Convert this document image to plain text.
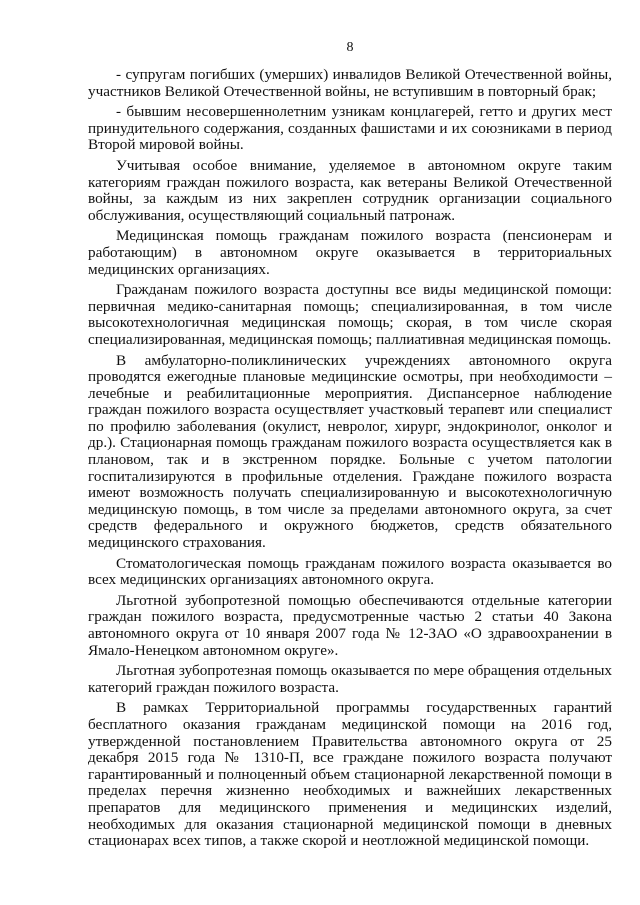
8

- супругам погибших (умерших) инвалидов Великой Отечественной войны, участников Великой Отечественной войны, не вступившим в повторный брак;

- бывшим несовершеннолетним узникам концлагерей, гетто и других мест принудительного содержания, созданных фашистами и их союзниками в период Второй мировой войны.

Учитывая особое внимание, уделяемое в автономном округе таким категориям граждан пожилого возраста, как ветераны Великой Отечественной войны, за каждым из них закреплен сотрудник организации социального обслуживания, осуществляющий социальный патронаж.

Медицинская помощь гражданам пожилого возраста (пенсионерам и работающим) в автономном округе оказывается в территориальных медицинских организациях.

Гражданам пожилого возраста доступны все виды медицинской помощи: первичная медико-санитарная помощь; специализированная, в том числе высокотехнологичная медицинская помощь; скорая, в том числе скорая специализированная, медицинская помощь; паллиативная медицинская помощь.

В амбулаторно-поликлинических учреждениях автономного округа проводятся ежегодные плановые медицинские осмотры, при необходимости – лечебные и реабилитационные мероприятия. Диспансерное наблюдение граждан пожилого возраста осуществляет участковый терапевт или специалист по профилю заболевания (окулист, невролог, хирург, эндокринолог, онколог и др.). Стационарная помощь гражданам пожилого возраста осуществляется как в плановом, так и в экстренном порядке. Больные с учетом патологии госпитализируются в профильные отделения. Граждане пожилого возраста имеют возможность получать специализированную и высокотехнологичную медицинскую помощь, в том числе за пределами автономного округа, за счет средств федерального и окружного бюджетов, средств обязательного медицинского страхования.

Стоматологическая помощь гражданам пожилого возраста оказывается во всех медицинских организациях автономного округа.

Льготной зубопротезной помощью обеспечиваются отдельные категории граждан пожилого возраста, предусмотренные частью 2 статьи 40 Закона автономного округа от 10 января 2007 года № 12-ЗАО «О здравоохранении в Ямало-Ненецком автономном округе».

Льготная зубопротезная помощь оказывается по мере обращения отдельных категорий граждан пожилого возраста.

В рамках Территориальной программы государственных гарантий бесплатного оказания гражданам медицинской помощи на 2016 год, утвержденной постановлением Правительства автономного округа от 25 декабря 2015 года № 1310-П, все граждане пожилого возраста получают гарантированный и полноценный объем стационарной лекарственной помощи в пределах перечня жизненно необходимых и важнейших лекарственных препаратов для медицинского применения и медицинских изделий, необходимых для оказания стационарной медицинской помощи в дневных стационарах всех типов, а также скорой и неотложной медицинской помощи.
